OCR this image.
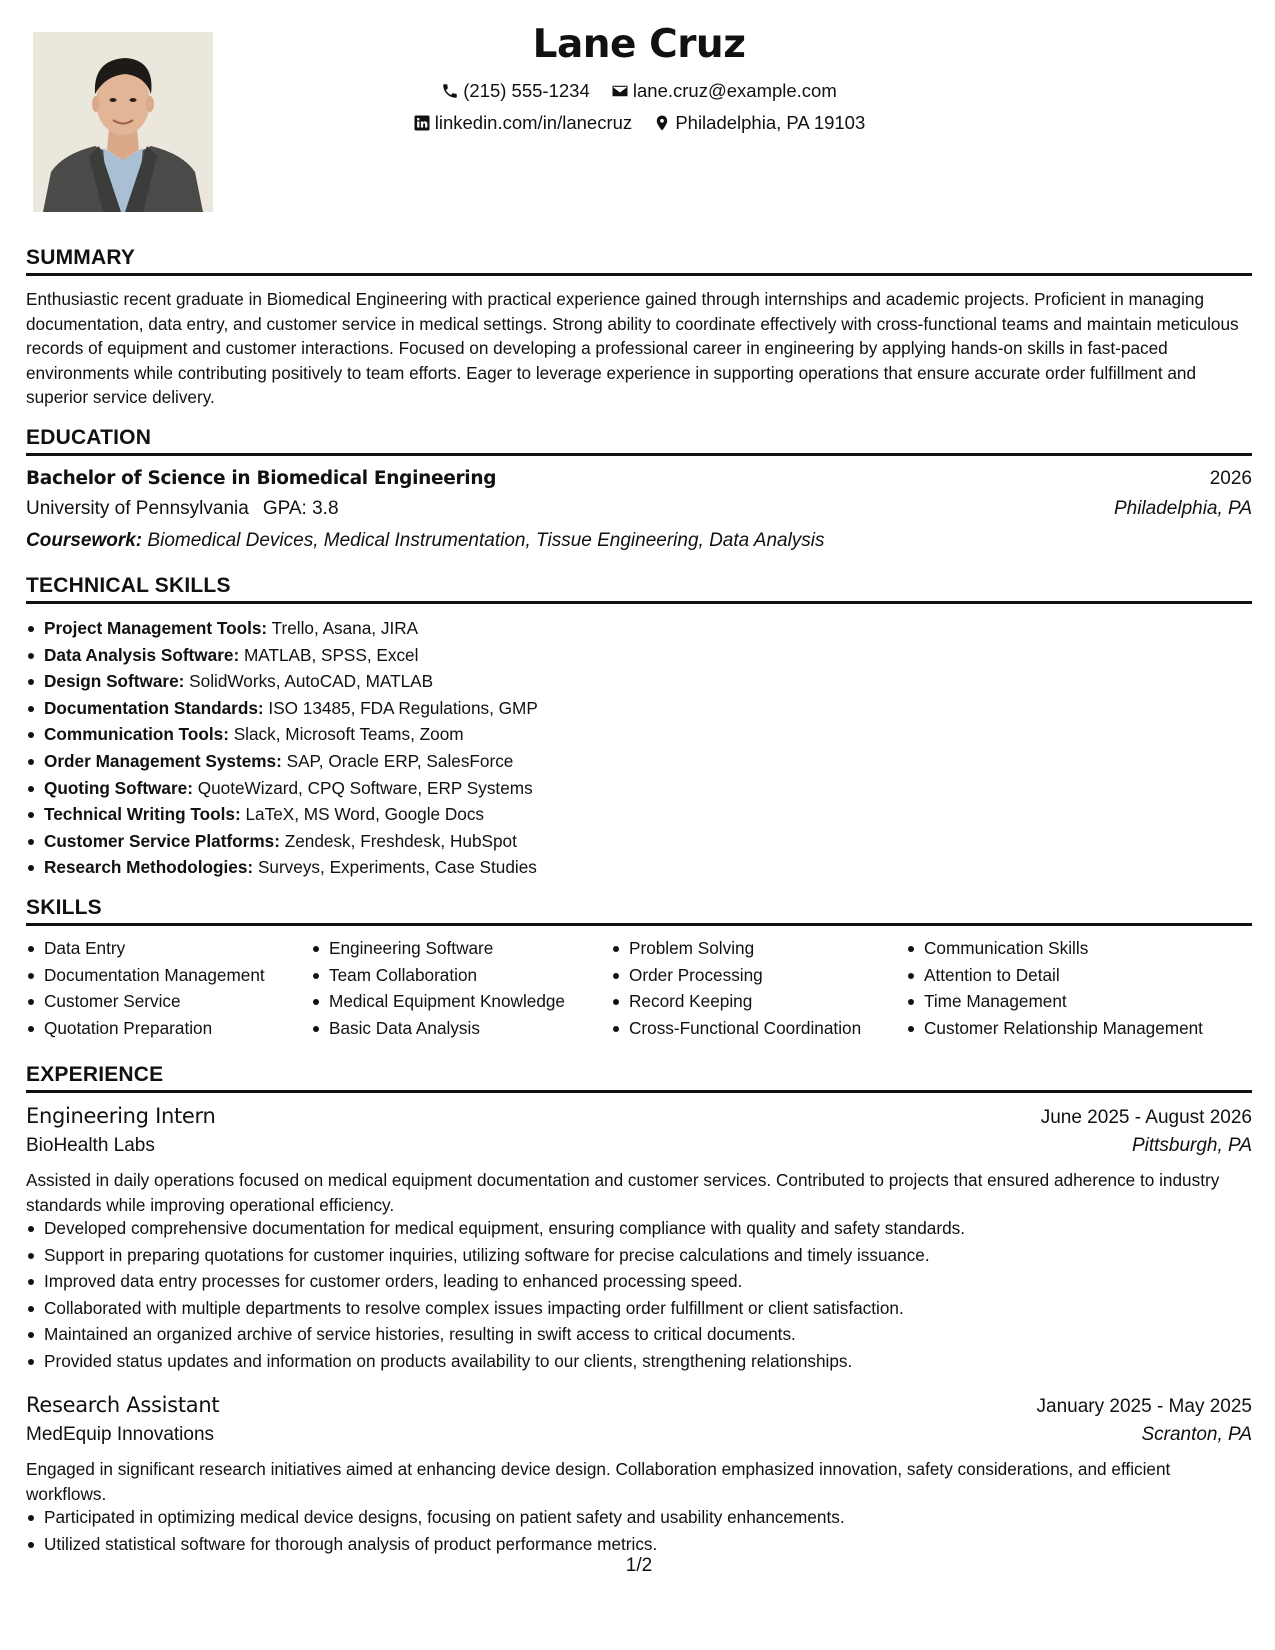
Lane Cruz
(215) 555-1234
lane.cruz@example.com
linkedin.com/in/lanecruz
Philadelphia, PA 19103
SUMMARY
Enthusiastic recent graduate in Biomedical Engineering with practical experience gained through internships and academic projects. Proficient in managing documentation, data entry, and customer service in medical settings. Strong ability to coordinate effectively with cross-functional teams and maintain meticulous records of equipment and customer interactions. Focused on developing a professional career in engineering by applying hands-on skills in fast-paced environments while contributing positively to team efforts. Eager to leverage experience in supporting operations that ensure accurate order fulfillment and superior service delivery.
EDUCATION
Bachelor of Science in Biomedical Engineering	2026
University of Pennsylvania GPA: 3.8	Philadelphia, PA
Coursework: Biomedical Devices, Medical Instrumentation, Tissue Engineering, Data Analysis
TECHNICAL SKILLS
Project Management Tools: Trello, Asana, JIRA
Data Analysis Software: MATLAB, SPSS, Excel
Design Software: SolidWorks, AutoCAD, MATLAB
Documentation Standards: ISO 13485, FDA Regulations, GMP
Communication Tools: Slack, Microsoft Teams, Zoom
Order Management Systems: SAP, Oracle ERP, SalesForce
Quoting Software: QuoteWizard, CPQ Software, ERP Systems
Technical Writing Tools: LaTeX, MS Word, Google Docs
Customer Service Platforms: Zendesk, Freshdesk, HubSpot
Research Methodologies: Surveys, Experiments, Case Studies
SKILLS
Data Entry
Documentation Management
Customer Service
Quotation Preparation
Engineering Software
Team Collaboration
Medical Equipment Knowledge
Basic Data Analysis
Problem Solving
Order Processing
Record Keeping
Cross-Functional Coordination
Communication Skills
Attention to Detail
Time Management
Customer Relationship Management
EXPERIENCE
Engineering Intern	June 2025 - August 2026
BioHealth Labs	Pittsburgh, PA
Assisted in daily operations focused on medical equipment documentation and customer services. Contributed to projects that ensured adherence to industry standards while improving operational efficiency.
Developed comprehensive documentation for medical equipment, ensuring compliance with quality and safety standards.
Support in preparing quotations for customer inquiries, utilizing software for precise calculations and timely issuance.
Improved data entry processes for customer orders, leading to enhanced processing speed.
Collaborated with multiple departments to resolve complex issues impacting order fulfillment or client satisfaction.
Maintained an organized archive of service histories, resulting in swift access to critical documents.
Provided status updates and information on products availability to our clients, strengthening relationships.
Research Assistant	January 2025 - May 2025
MedEquip Innovations	Scranton, PA
Engaged in significant research initiatives aimed at enhancing device design. Collaboration emphasized innovation, safety considerations, and efficient workflows.
Participated in optimizing medical device designs, focusing on patient safety and usability enhancements.
Utilized statistical software for thorough analysis of product performance metrics.
1/2
